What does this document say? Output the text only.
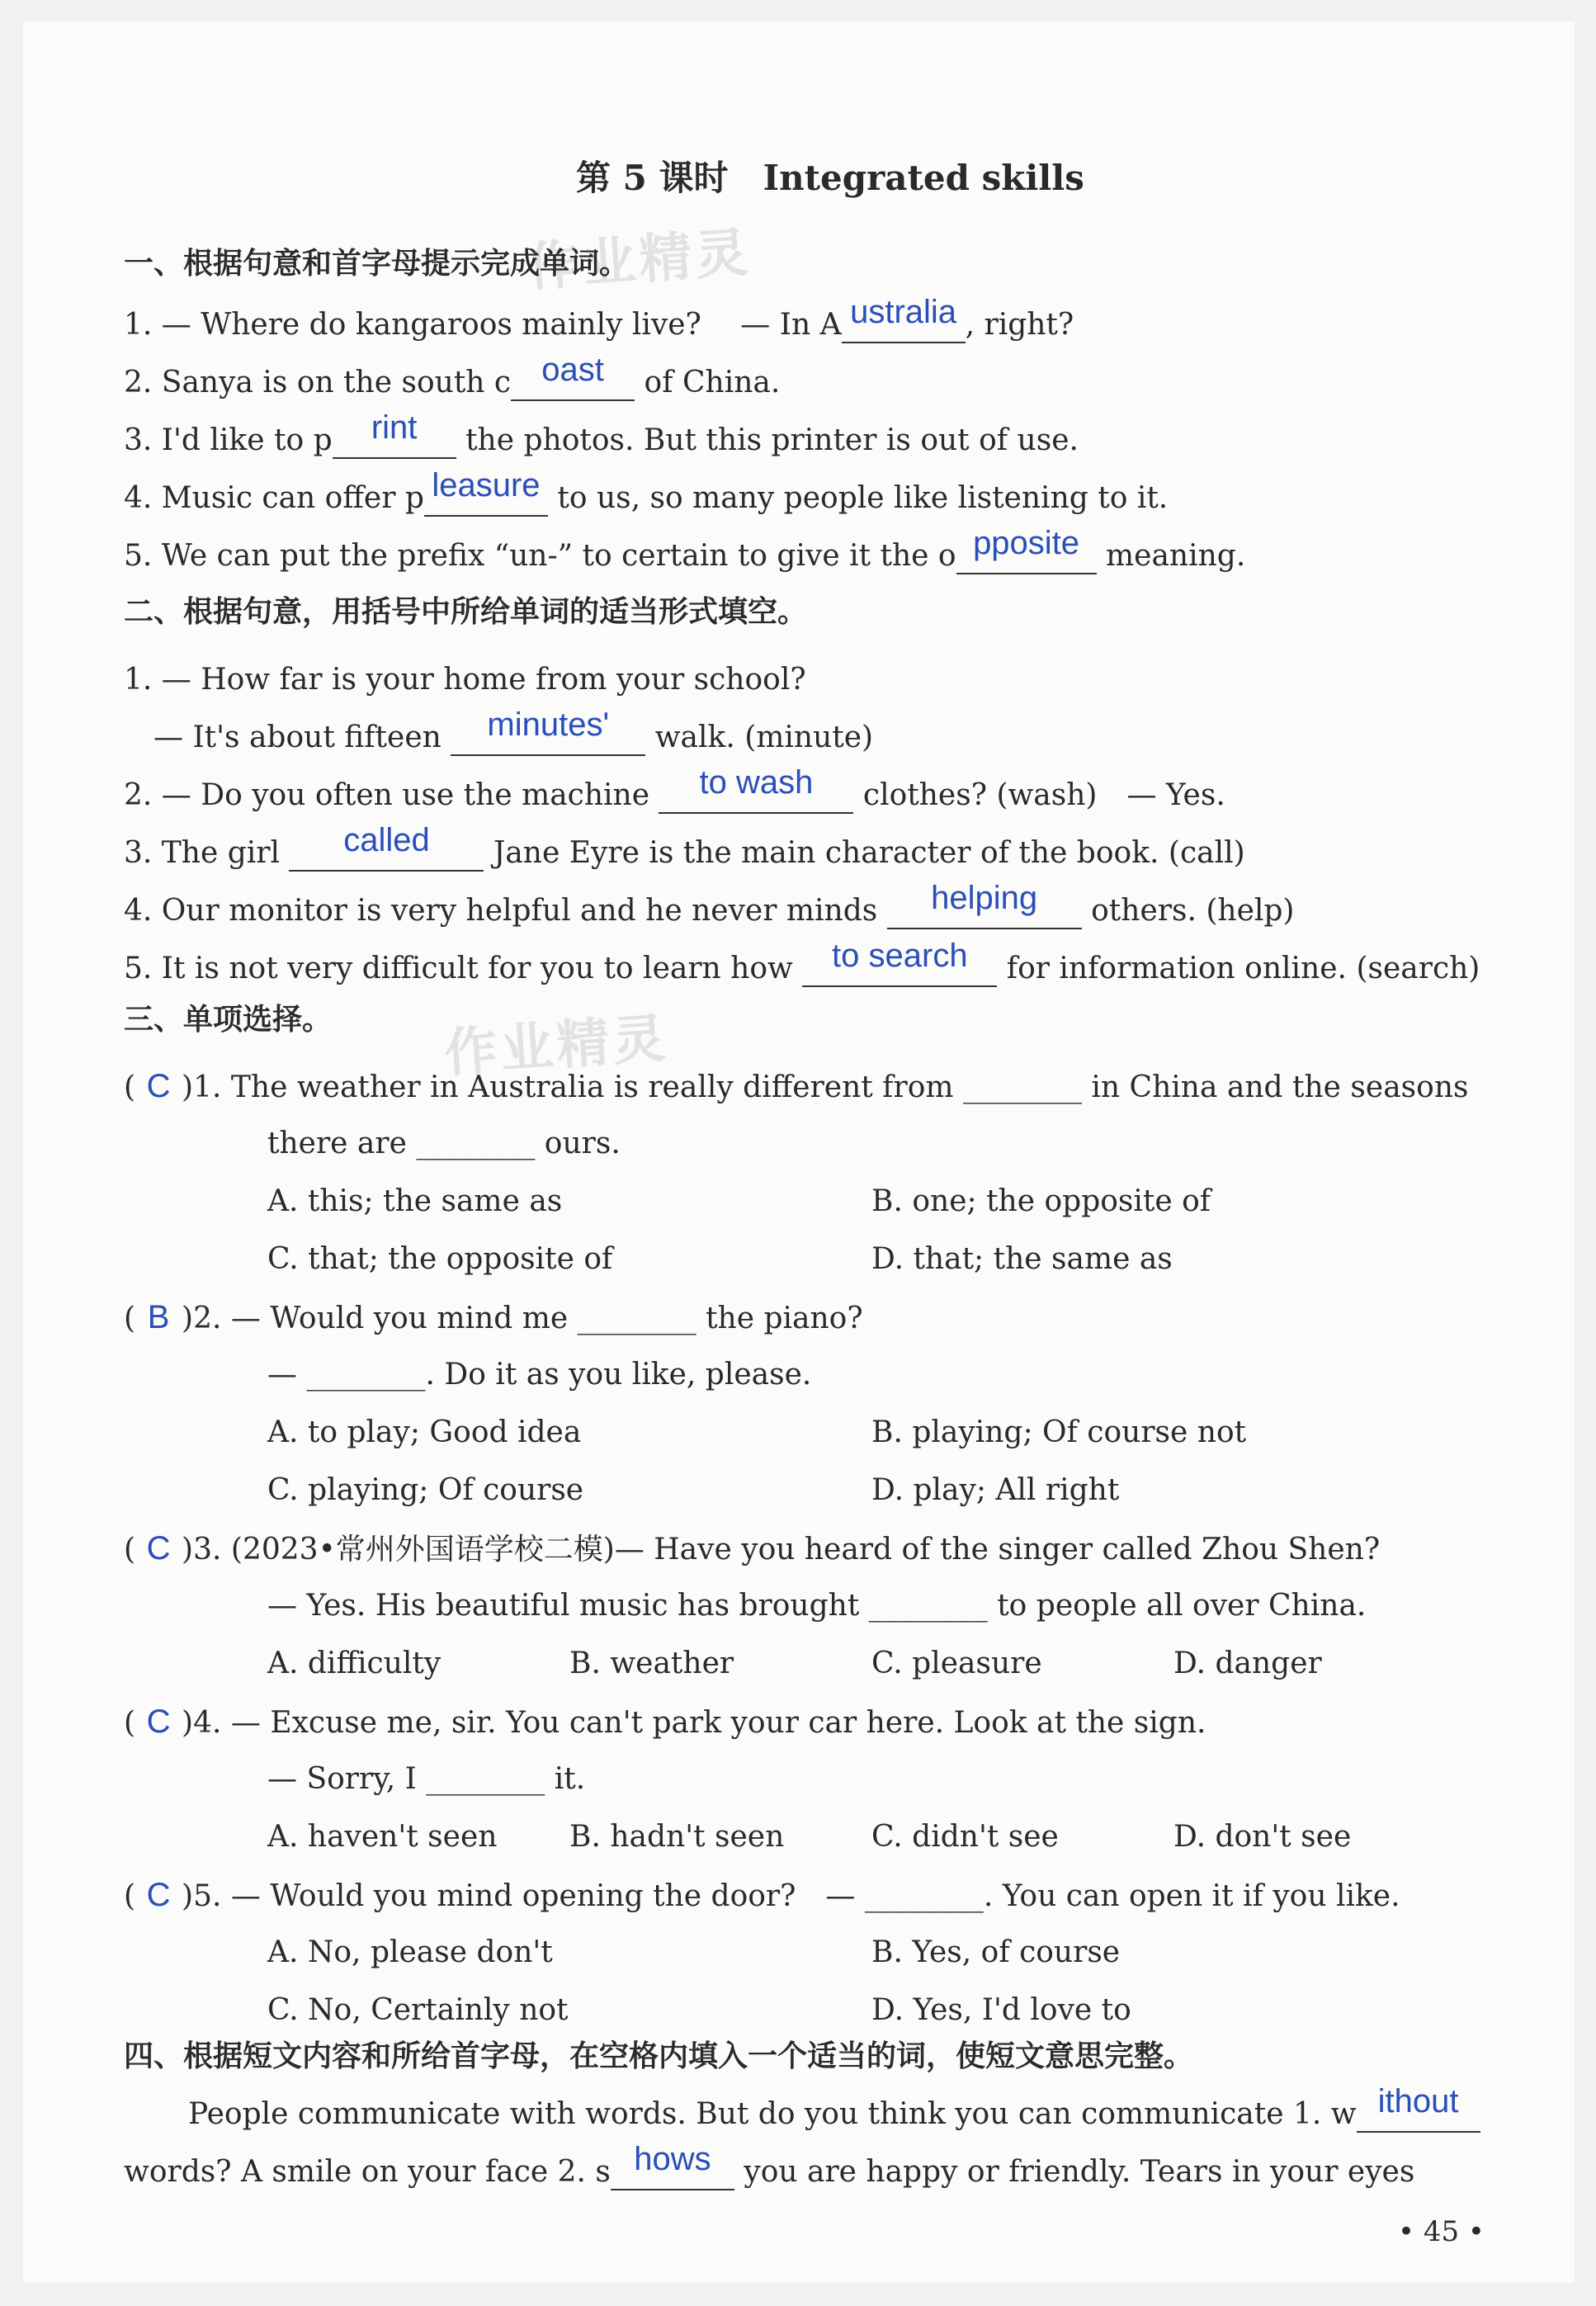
作业精灵
作业精灵
第 5 课时　Integrated skills
一、根据句意和首字母提示完成单词。
1. — Where do kangaroos mainly live?　 — In A ustralia , right?
2. Sanya is on the south c oast of China.
3. I'd like to p rint the photos. But this printer is out of use.
4. Music can offer p leasure to us, so many people like listening to it.
5. We can put the prefix “un-” to certain to give it the o pposite meaning.
二、根据句意，用括号中所给单词的适当形式填空。
1. — How far is your home from your school?
　— It's about fifteen minutes' walk. (minute)
2. — Do you often use the machine to wash clothes? (wash)　— Yes.
3. The girl called Jane Eyre is the main character of the book. (call)
4. Our monitor is very helpful and he never minds helping others. (help)
5. It is not very difficult for you to learn how to search for information online. (search)
三、单项选择。
( C )1. The weather in Australia is really different from ________ in China and the seasons
there are ________ ours.
A. this; the same as	B. one; the opposite of
C. that; the opposite of	D. that; the same as
( B )2. — Would you mind me ________ the piano?
— ________. Do it as you like, please.
A. to play; Good idea	B. playing; Of course not
C. playing; Of course	D. play; All right
( C )3. (2023•常州外国语学校二模)— Have you heard of the singer called Zhou Shen?
— Yes. His beautiful music has brought ________ to people all over China.
A. difficulty	B. weather	C. pleasure	D. danger
( C )4. — Excuse me, sir. You can't park your car here. Look at the sign.
— Sorry, I ________ it.
A. haven't seen B. hadn't seen	C. didn't see	D. don't see
( C )5. — Would you mind opening the door?　— ________. You can open it if you like.
A. No, please don't	B. Yes, of course
C. No, Certainly not	D. Yes, I'd love to
四、根据短文内容和所给首字母，在空格内填入一个适当的词，使短文意思完整。
People communicate with words. But do you think you can communicate 1. w ithout
words? A smile on your face 2. s hows you are happy or friendly. Tears in your eyes
• 45 •
